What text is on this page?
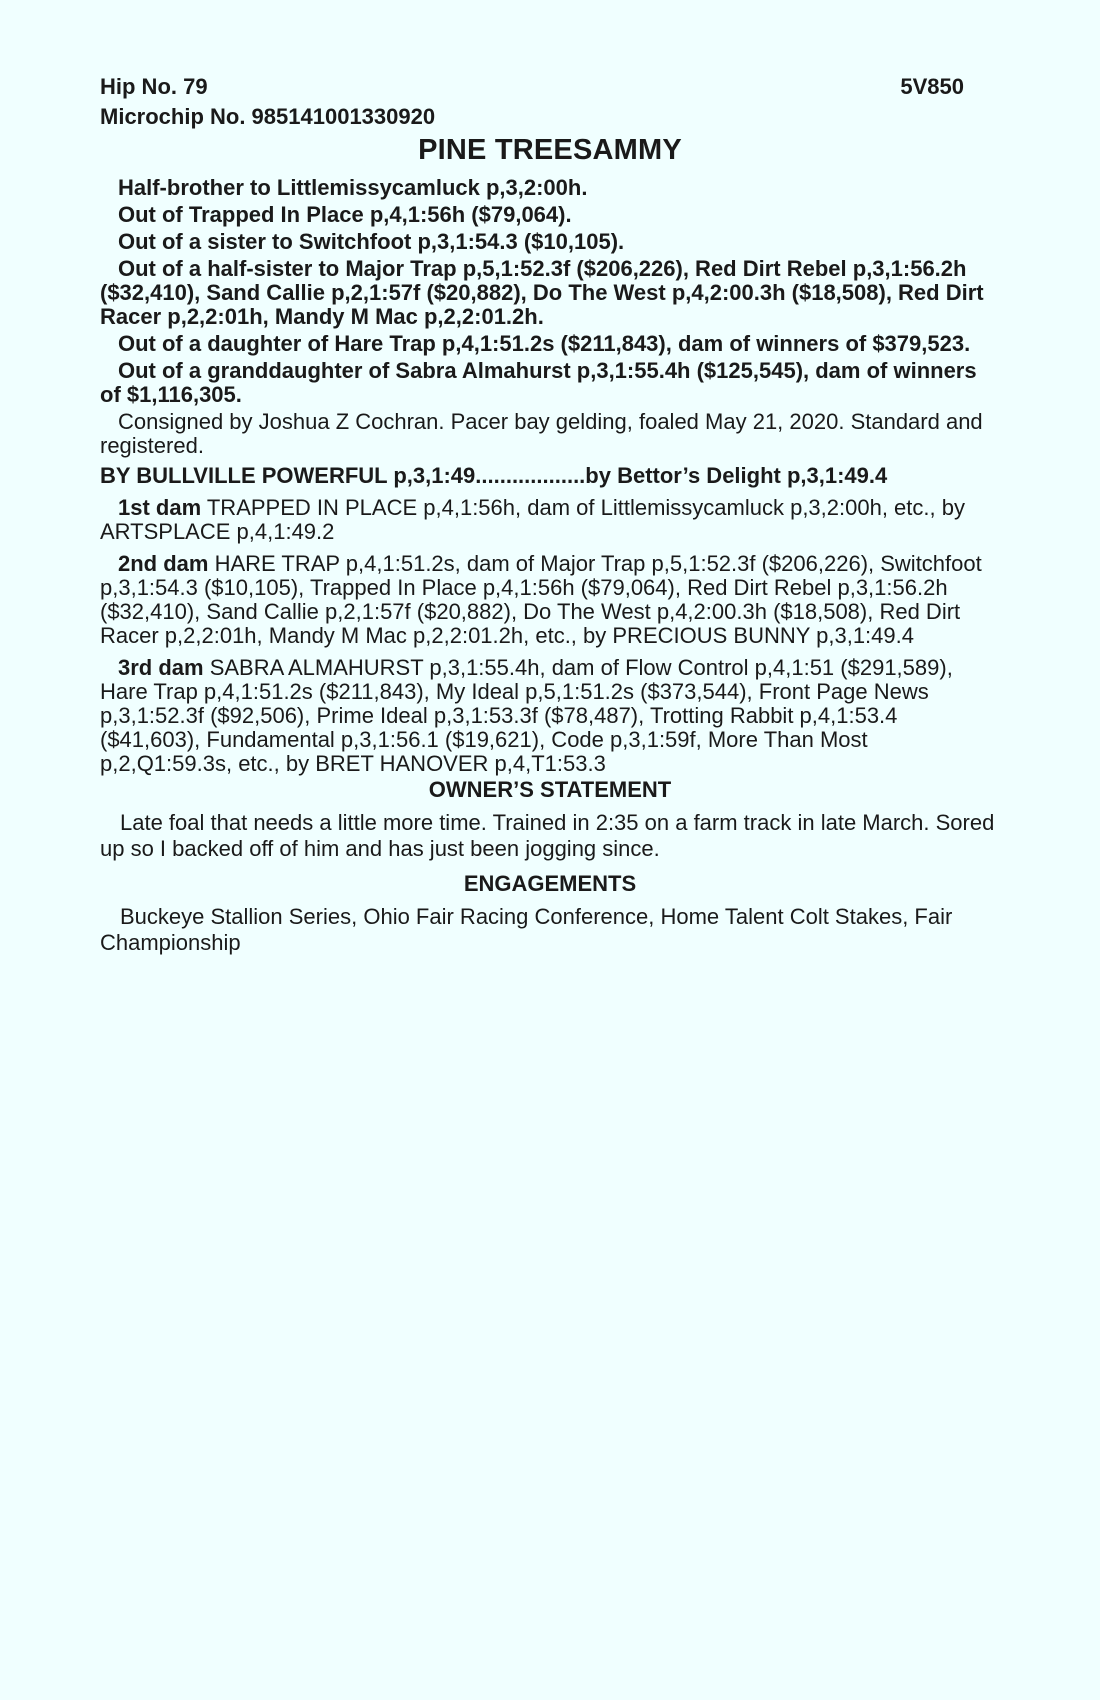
Hip No. 79	5V850
Microchip No. 985141001330920
PINE TREESAMMY
Half-brother to Littlemissycamluck p,3,2:00h.
Out of Trapped In Place p,4,1:56h ($79,064).
Out of a sister to Switchfoot p,3,1:54.3 ($10,105).
Out of a half-sister to Major Trap p,5,1:52.3f ($206,226), Red Dirt Rebel p,3,1:56.2h ($32,410), Sand Callie p,2,1:57f ($20,882), Do The West p,4,2:00.3h ($18,508), Red Dirt Racer p,2,2:01h, Mandy M Mac p,2,2:01.2h.
Out of a daughter of Hare Trap p,4,1:51.2s ($211,843), dam of winners of $379,523.
Out of a granddaughter of Sabra Almahurst p,3,1:55.4h ($125,545), dam of winners of $1,116,305.
Consigned by Joshua Z Cochran. Pacer bay gelding, foaled May 21, 2020. Standard and registered.
BY BULLVILLE POWERFUL p,3,1:49..................by Bettor’s Delight p,3,1:49.4
1st dam TRAPPED IN PLACE p,4,1:56h, dam of Littlemissycamluck p,3,2:00h, etc., by ARTSPLACE p,4,1:49.2
2nd dam HARE TRAP p,4,1:51.2s, dam of Major Trap p,5,1:52.3f ($206,226), Switchfoot p,3,1:54.3 ($10,105), Trapped In Place p,4,1:56h ($79,064), Red Dirt Rebel p,3,1:56.2h ($32,410), Sand Callie p,2,1:57f ($20,882), Do The West p,4,2:00.3h ($18,508), Red Dirt Racer p,2,2:01h, Mandy M Mac p,2,2:01.2h, etc., by PRECIOUS BUNNY p,3,1:49.4
3rd dam SABRA ALMAHURST p,3,1:55.4h, dam of Flow Control p,4,1:51 ($291,589), Hare Trap p,4,1:51.2s ($211,843), My Ideal p,5,1:51.2s ($373,544), Front Page News p,3,1:52.3f ($92,506), Prime Ideal p,3,1:53.3f ($78,487), Trotting Rabbit p,4,1:53.4 ($41,603), Fundamental p,3,1:56.1 ($19,621), Code p,3,1:59f, More Than Most p,2,Q1:59.3s, etc., by BRET HANOVER p,4,T1:53.3
OWNER’S STATEMENT
Late foal that needs a little more time. Trained in 2:35 on a farm track in late March. Sored up so I backed off of him and has just been jogging since.
ENGAGEMENTS
Buckeye Stallion Series, Ohio Fair Racing Conference, Home Talent Colt Stakes, Fair Championship
